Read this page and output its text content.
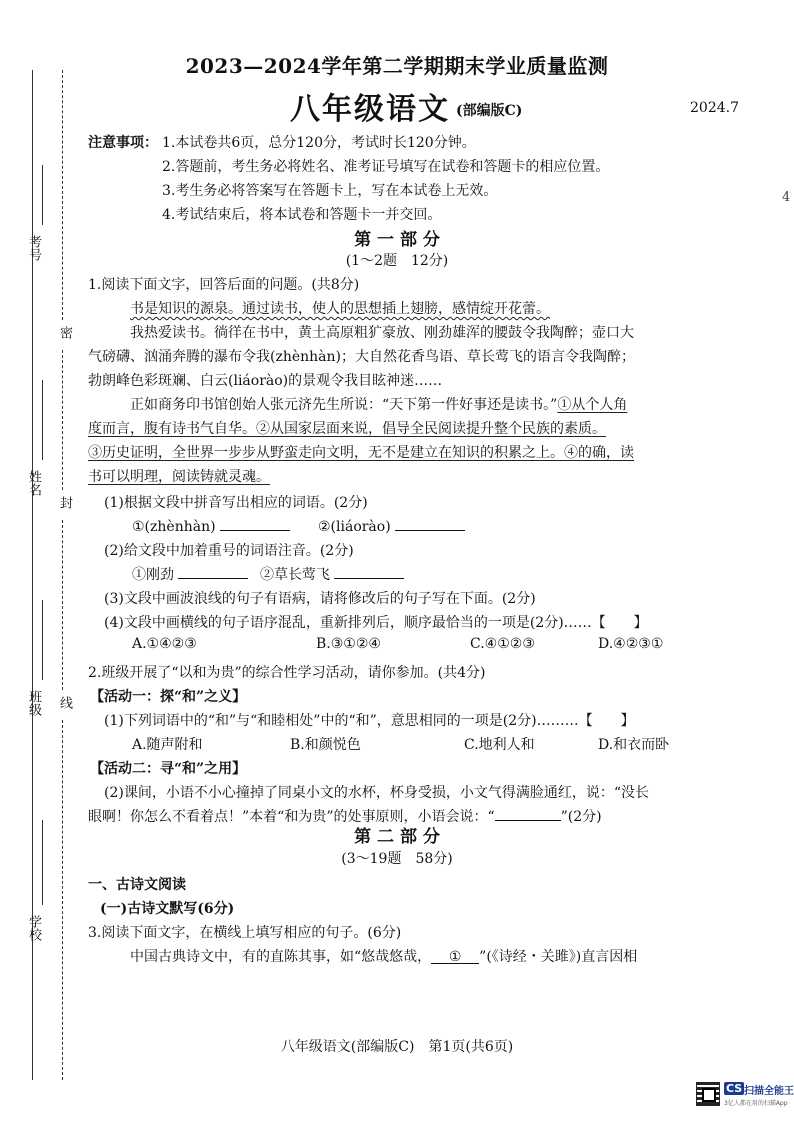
考号
姓名
班级
学校
密
封
线
4
2023—2024学年第二学期期末学业质量监测
八年级语文 (部编版C)	2024.7
注意事项： 1.本试卷共6页，总分120分，考试时长120分钟。
2.答题前，考生务必将姓名、准考证号填写在试卷和答题卡的相应位置。
3.考生务必将答案写在答题卡上，写在本试卷上无效。
4.考试结束后，将本试卷和答题卡一并交回。
第 一 部 分
(1～2题　12分)
1.阅读下面文字，回答后面的问题。(共8分)
书是知识的源泉。通过读书，使人的思想插上翅膀，感情绽开花蕾。
我热爱读书。徜徉在书中，黄土高原粗犷豪放、刚劲雄浑的腰鼓令我陶醉；壶口大
气磅礴、汹涌奔腾的瀑布令我(zhènhàn)；大自然花香鸟语、草长莺飞的语言令我陶醉；
勃朗峰色彩斑斓、白云(liáorào)的景观令我目眩神迷……
正如商务印书馆创始人张元济先生所说：“天下第一件好事还是读书。”①从个人角
度而言，腹有诗书气自华。②从国家层面来说，倡导全民阅读提升整个民族的素质。
③历史证明，全世界一步步从野蛮走向文明，无不是建立在知识的积累之上。④的确，读
书可以明理，阅读铸就灵魂。
(1)根据文段中拼音写出相应的词语。(2分)
①(zhènhàn)	②(liáorào)
(2)给文段中加着重号的词语注音。(2分)
①刚劲	②草长莺飞
(3)文段中画波浪线的句子有语病，请将修改后的句子写在下面。(2分)
(4)文段中画横线的句子语序混乱，重新排列后，顺序最恰当的一项是(2分)……【　　】
A.①④②③	B.③①②④	C.④①②③	D.④②③①
2.班级开展了“以和为贵”的综合性学习活动，请你参加。(共4分)
【活动一：探“和”之义】
(1)下列词语中的“和”与“和睦相处”中的“和”，意思相同的一项是(2分)………【　　】
A.随声附和	B.和颜悦色	C.地利人和	D.和衣而卧
【活动二：寻“和”之用】
(2)课间，小语不小心撞掉了同桌小文的水杯，杯身受损，小文气得满脸通红，说：“没长
眼啊！你怎么不看着点！”本着“和为贵”的处事原则，小语会说：“	”(2分)
第 二 部 分
(3～19题　58分)
一、古诗文阅读
(一)古诗文默写(6分)
3.阅读下面文字，在横线上填写相应的句子。(6分)
中国古典诗文中，有的直陈其事，如“悠哉悠哉， ① ”(《诗经・关雎》)直言因相
八年级语文(部编版C)　第1页(共6页)
CS 扫描全能王
3亿人都在用的扫描App
